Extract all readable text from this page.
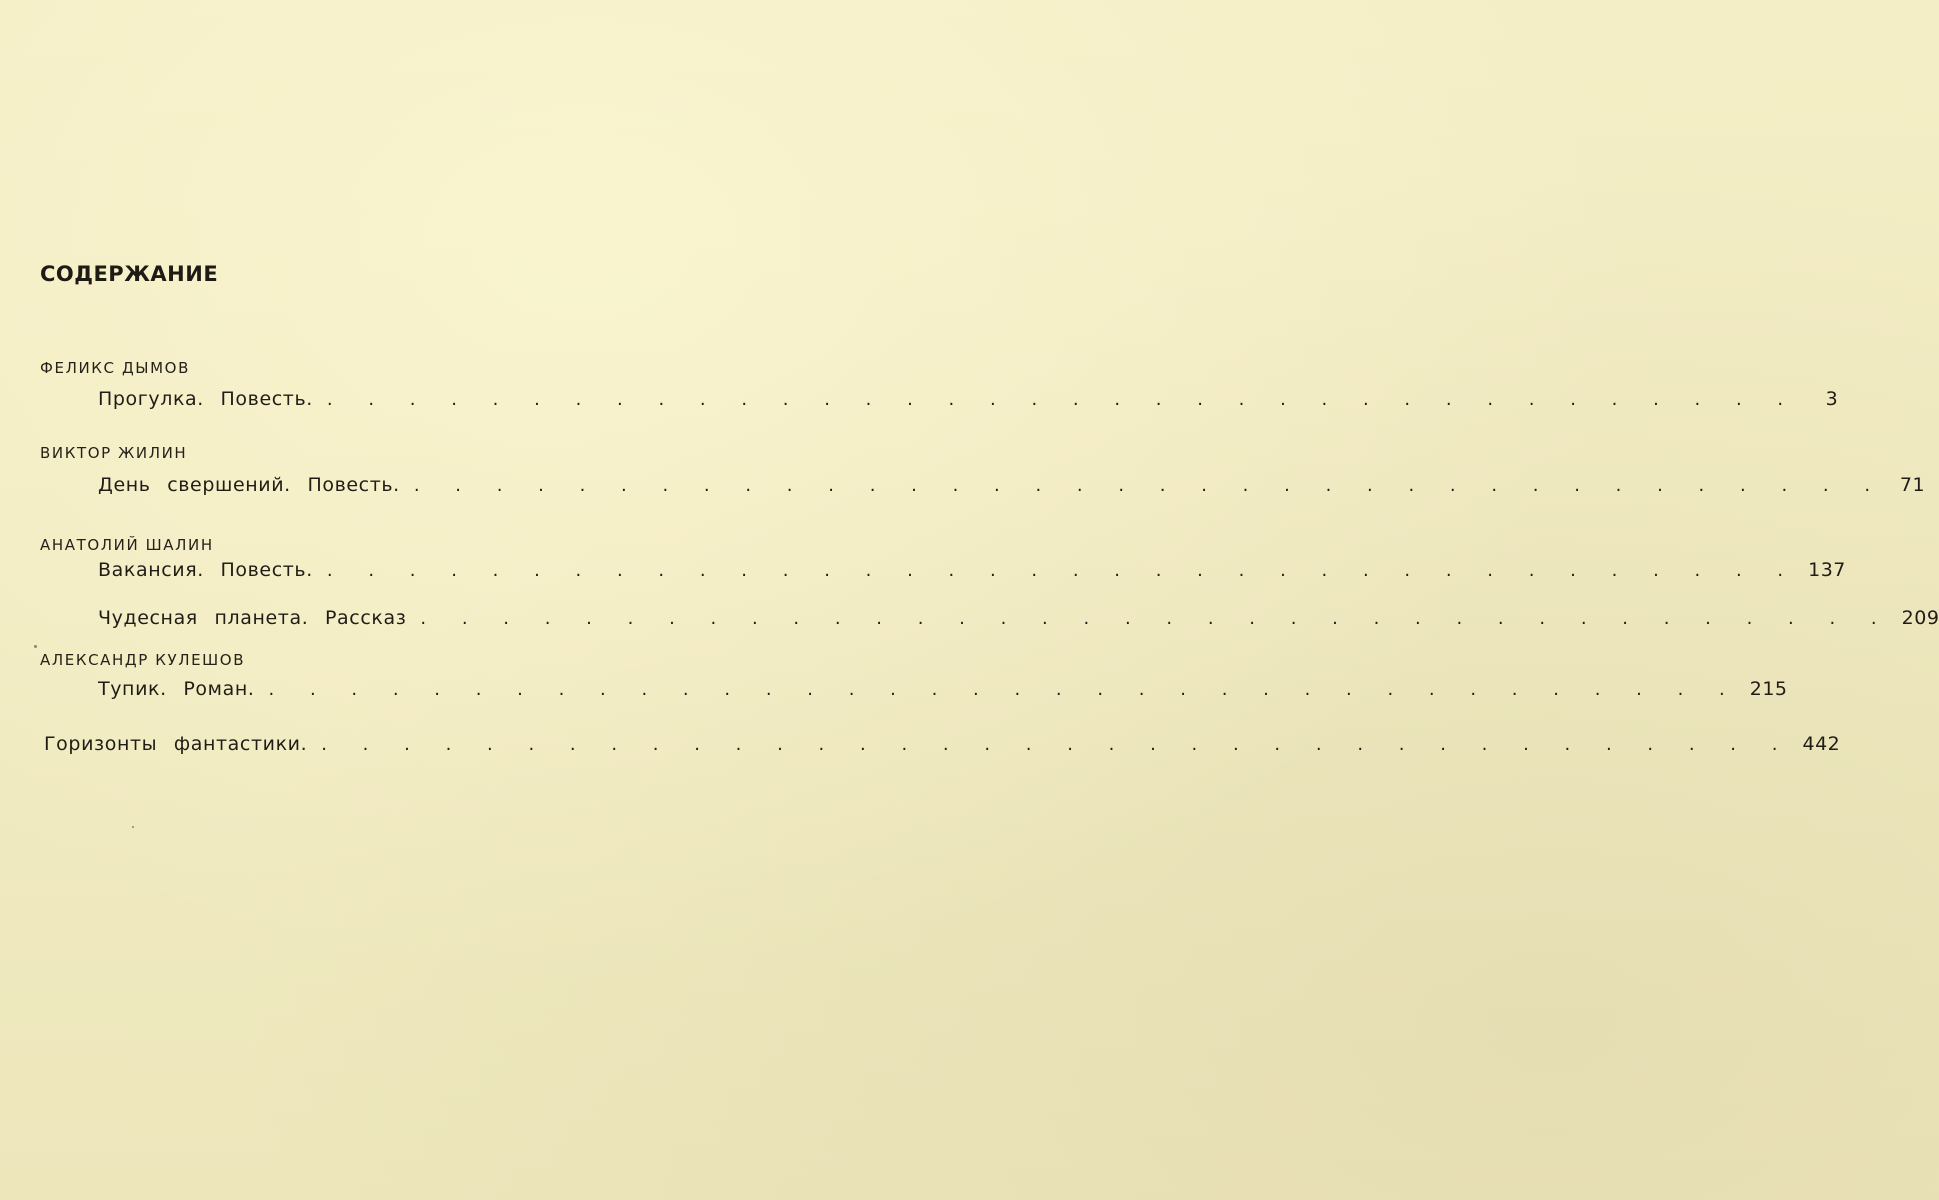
СОДЕРЖАНИЕ
ФЕЛИКС ДЫМОВ
Прогулка. Повесть. . . . . . . . . . . . . . . . . . . . . . . . . . . . . . . . . . . . .	3
ВИКТОР ЖИЛИН
День свершений. Повесть. . . . . . . . . . . . . . . . . . . . . . . . . . . . . . . . . . . . . 71
АНАТОЛИЙ ШАЛИН
Вакансия. Повесть. . . . . . . . . . . . . . . . . . . . . . . . . . . . . . . . . . . . . 137
Чудесная планета. Рассказ . . . . . . . . . . . . . . . . . . . . . . . . . . . . . . . . . . . . 209
АЛЕКСАНДР КУЛЕШОВ
Тупик. Роман. . . . . . . . . . . . . . . . . . . . . . . . . . . . . . . . . . . . . 215
Горизонты фантастики. . . . . . . . . . . . . . . . . . . . . . . . . . . . . . . . . . . . . 442
